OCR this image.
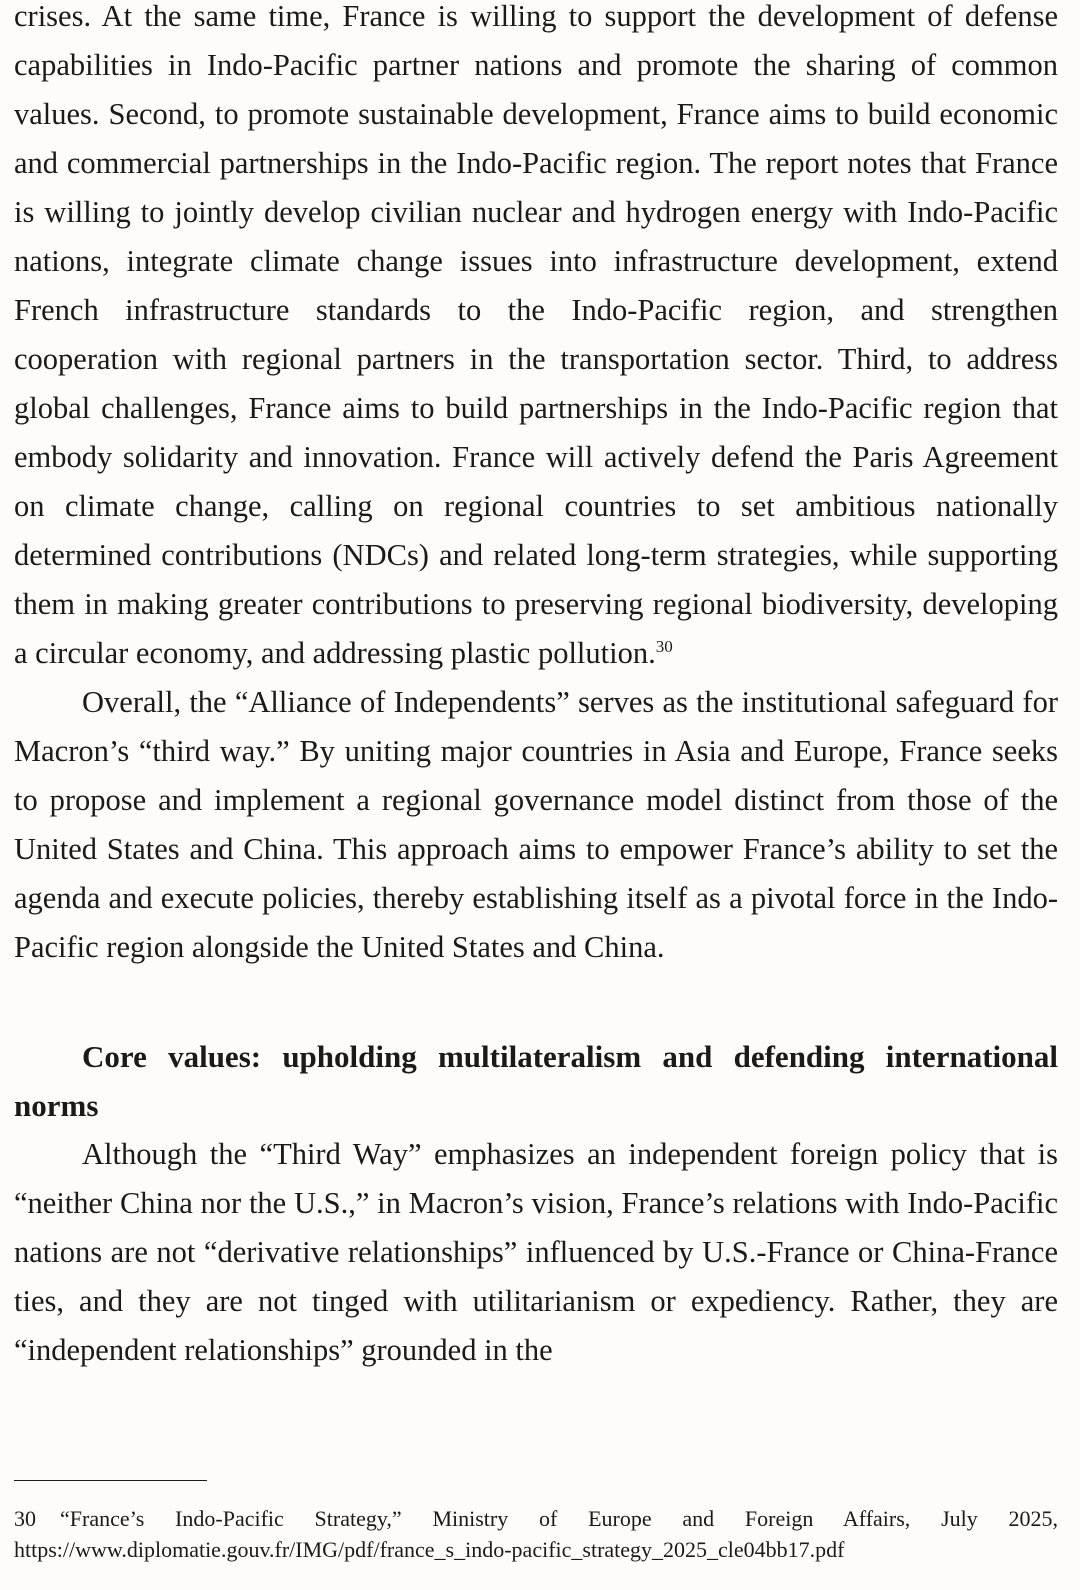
crises. At the same time, France is willing to support the development of defense capabilities in Indo-Pacific partner nations and promote the sharing of common values. Second, to promote sustainable development, France aims to build economic and commercial partnerships in the Indo-Pacific region. The report notes that France is willing to jointly develop civilian nuclear and hydrogen energy with Indo-Pacific nations, integrate climate change issues into infrastructure development, extend French infrastructure standards to the Indo-Pacific region, and strengthen cooperation with regional partners in the transportation sector. Third, to address global challenges, France aims to build partnerships in the Indo-Pacific region that embody solidarity and innovation. France will actively defend the Paris Agreement on climate change, calling on regional countries to set ambitious nationally determined contributions (NDCs) and related long-term strategies, while supporting them in making greater contributions to preserving regional biodiversity, developing a circular economy, and addressing plastic pollution.$^{30}$

Overall, the “Alliance of Independents” serves as the institutional safeguard for Macron’s “third way.” By uniting major countries in Asia and Europe, France seeks to propose and implement a regional governance model distinct from those of the United States and China. This approach aims to empower France’s ability to set the agenda and execute policies, thereby establishing itself as a pivotal force in the Indo-Pacific region alongside the United States and China.

Core values: upholding multilateralism and defending international norms

Although the “Third Way” emphasizes an independent foreign policy that is “neither China nor the U.S.,” in Macron’s vision, France’s relations with Indo-Pacific nations are not “derivative relationships” influenced by U.S.-France or China-France ties, and they are not tinged with utilitarianism or expediency. Rather, they are “independent relationships” grounded in the

30 “France’s Indo-Pacific Strategy,” Ministry of Europe and Foreign Affairs, July 2025, https://www.diplomatie.gouv.fr/IMG/pdf/france_s_indo-pacific_strategy_2025_cle04bb17.pdf
